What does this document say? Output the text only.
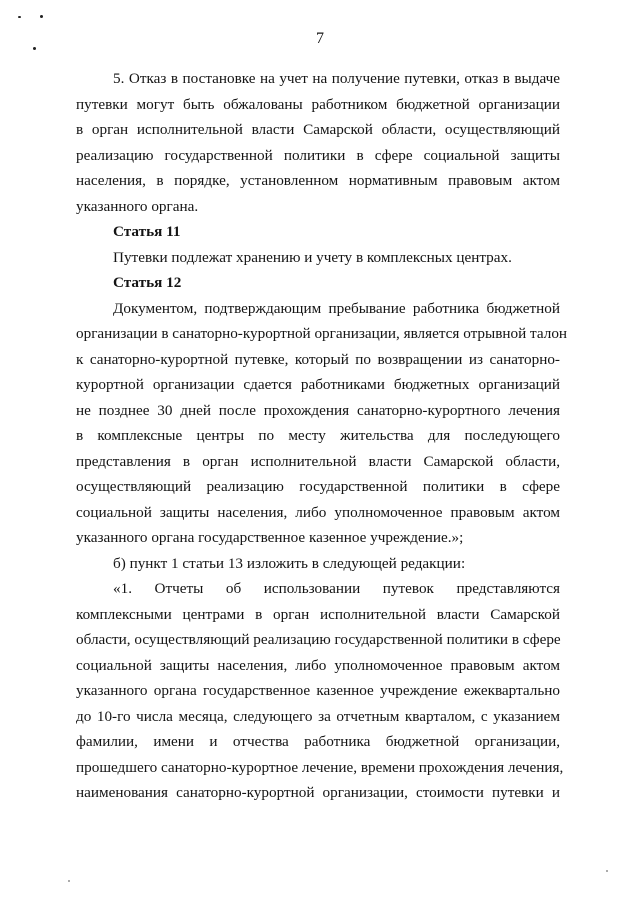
7
5. Отказ в постановке на учет на получение путевки, отказ в выдаче
путевки могут быть обжалованы работником бюджетной организации
в орган исполнительной власти Самарской области, осуществляющий
реализацию государственной политики в сфере социальной защиты
населения, в порядке, установленном нормативным правовым актом
указанного органа.
Статья 11
Путевки подлежат хранению и учету в комплексных центрах.
Статья 12
Документом, подтверждающим пребывание работника бюджетной
организации в санаторно-курортной организации, является отрывной талон
к санаторно-курортной путевке, который по возвращении из санаторно-
курортной организации сдается работниками бюджетных организаций
не позднее 30 дней после прохождения санаторно-курортного лечения
в комплексные центры по месту жительства для последующего
представления в орган исполнительной власти Самарской области,
осуществляющий реализацию государственной политики в сфере
социальной защиты населения, либо уполномоченное правовым актом
указанного органа государственное казенное учреждение.»;
б) пункт 1 статьи 13 изложить в следующей редакции:
«1. Отчеты об использовании путевок представляются
комплексными центрами в орган исполнительной власти Самарской
области, осуществляющий реализацию государственной политики в сфере
социальной защиты населения, либо уполномоченное правовым актом
указанного органа государственное казенное учреждение ежеквартально
до 10-го числа месяца, следующего за отчетным кварталом, с указанием
фамилии, имени и отчества работника бюджетной организации,
прошедшего санаторно-курортное лечение, времени прохождения лечения,
наименования санаторно-курортной организации, стоимости путевки и
